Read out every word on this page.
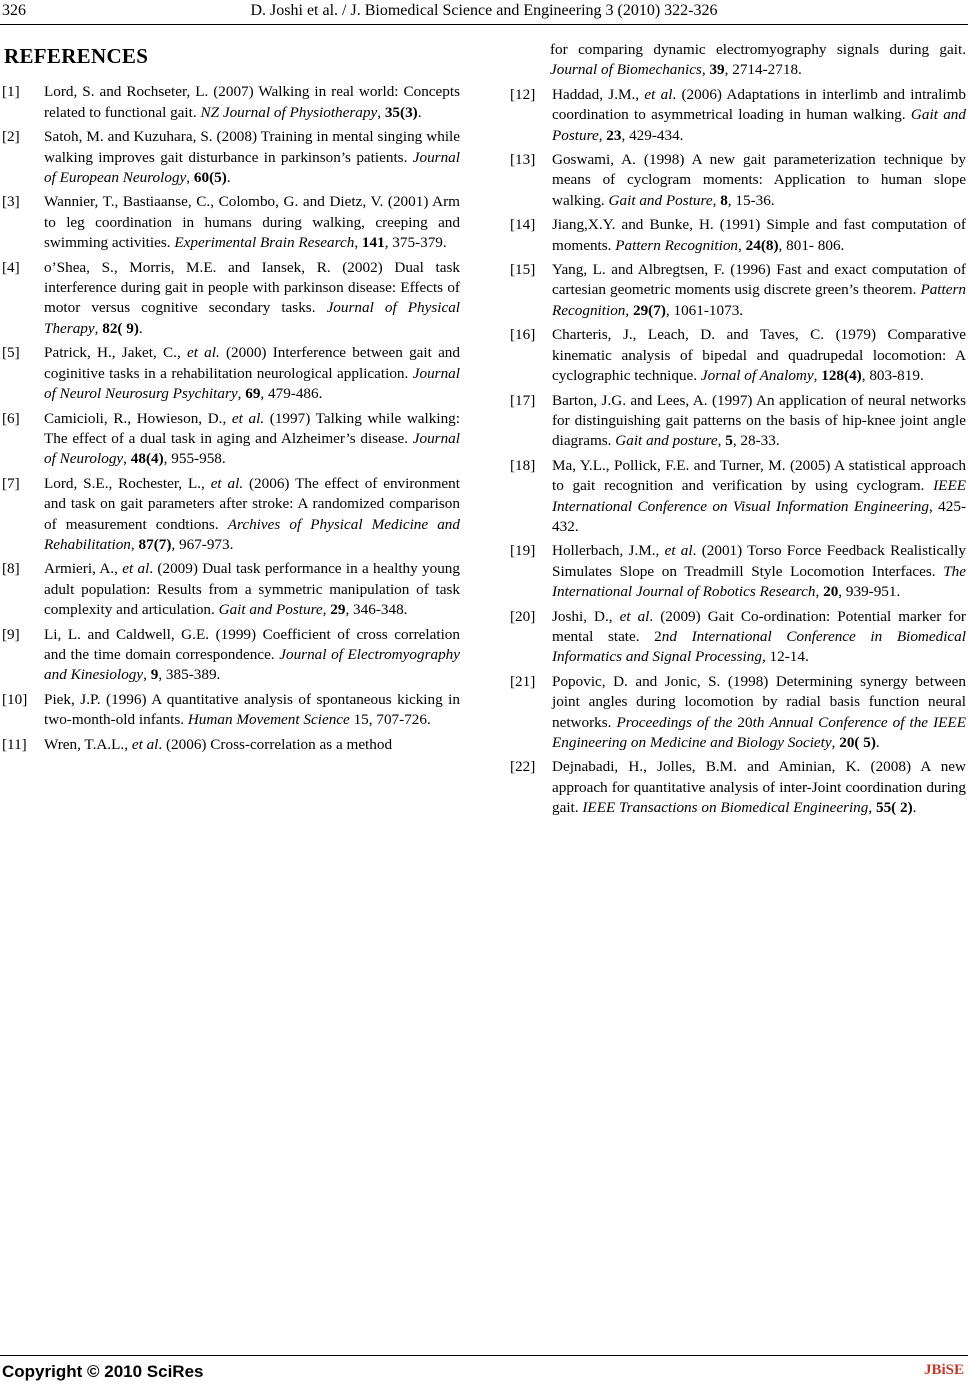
326	D. Joshi et al. / J. Biomedical Science and Engineering 3 (2010) 322-326
REFERENCES
[1] Lord, S. and Rochseter, L. (2007) Walking in real world: Concepts related to functional gait. NZ Journal of Physiotherapy, 35(3).
[2] Satoh, M. and Kuzuhara, S. (2008) Training in mental singing while walking improves gait disturbance in parkinson’s patients. Journal of European Neurology, 60(5).
[3] Wannier, T., Bastiaanse, C., Colombo, G. and Dietz, V. (2001) Arm to leg coordination in humans during walking, creeping and swimming activities. Experimental Brain Research, 141, 375-379.
[4] o’Shea, S., Morris, M.E. and Iansek, R. (2002) Dual task interference during gait in people with parkinson disease: Effects of motor versus cognitive secondary tasks. Journal of Physical Therapy, 82( 9).
[5] Patrick, H., Jaket, C., et al. (2000) Interference between gait and coginitive tasks in a rehabilitation neurological application. Journal of Neurol Neurosurg Psychitary, 69, 479-486.
[6] Camicioli, R., Howieson, D., et al. (1997) Talking while walking: The effect of a dual task in aging and Alzheimer’s disease. Journal of Neurology, 48(4), 955-958.
[7] Lord, S.E., Rochester, L., et al. (2006) The effect of environment and task on gait parameters after stroke: A randomized comparison of measurement condtions. Archives of Physical Medicine and Rehabilitation, 87(7), 967-973.
[8] Armieri, A., et al. (2009) Dual task performance in a healthy young adult population: Results from a symmetric manipulation of task complexity and articulation. Gait and Posture, 29, 346-348.
[9] Li, L. and Caldwell, G.E. (1999) Coefficient of cross correlation and the time domain correspondence. Journal of Electromyography and Kinesiology, 9, 385-389.
[10] Piek, J.P. (1996) A quantitative analysis of spontaneous kicking in two-month-old infants. Human Movement Science 15, 707-726.
[11] Wren, T.A.L., et al. (2006) Cross-correlation as a method
for comparing dynamic electromyography signals during gait. Journal of Biomechanics, 39, 2714-2718.
[12] Haddad, J.M., et al. (2006) Adaptations in interlimb and intralimb coordination to asymmetrical loading in human walking. Gait and Posture, 23, 429-434.
[13] Goswami, A. (1998) A new gait parameterization technique by means of cyclogram moments: Application to human slope walking. Gait and Posture, 8, 15-36.
[14] Jiang,X.Y. and Bunke, H. (1991) Simple and fast computation of moments. Pattern Recognition, 24(8), 801- 806.
[15] Yang, L. and Albregtsen, F. (1996) Fast and exact computation of cartesian geometric moments usig discrete green’s theorem. Pattern Recognition, 29(7), 1061-1073.
[16] Charteris, J., Leach, D. and Taves, C. (1979) Comparative kinematic analysis of bipedal and quadrupedal locomotion: A cyclographic technique. Jornal of Analomy, 128(4), 803-819.
[17] Barton, J.G. and Lees, A. (1997) An application of neural networks for distinguishing gait patterns on the basis of hip-knee joint angle diagrams. Gait and posture, 5, 28-33.
[18] Ma, Y.L., Pollick, F.E. and Turner, M. (2005) A statistical approach to gait recognition and verification by using cyclogram. IEEE International Conference on Visual Information Engineering, 425-432.
[19] Hollerbach, J.M., et al. (2001) Torso Force Feedback Realistically Simulates Slope on Treadmill Style Locomotion Interfaces. The International Journal of Robotics Research, 20, 939-951.
[20] Joshi, D., et al. (2009) Gait Co-ordination: Potential marker for mental state. 2nd International Conference in Biomedical Informatics and Signal Processing, 12-14.
[21] Popovic, D. and Jonic, S. (1998) Determining synergy between joint angles during locomotion by radial basis function neural networks. Proceedings of the 20th Annual Conference of the IEEE Engineering on Medicine and Biology Society, 20( 5).
[22] Dejnabadi, H., Jolles, B.M. and Aminian, K. (2008) A new approach for quantitative analysis of inter-Joint coordination during gait. IEEE Transactions on Biomedical Engineering, 55( 2).
Copyright © 2010 SciRes	JBiSE
